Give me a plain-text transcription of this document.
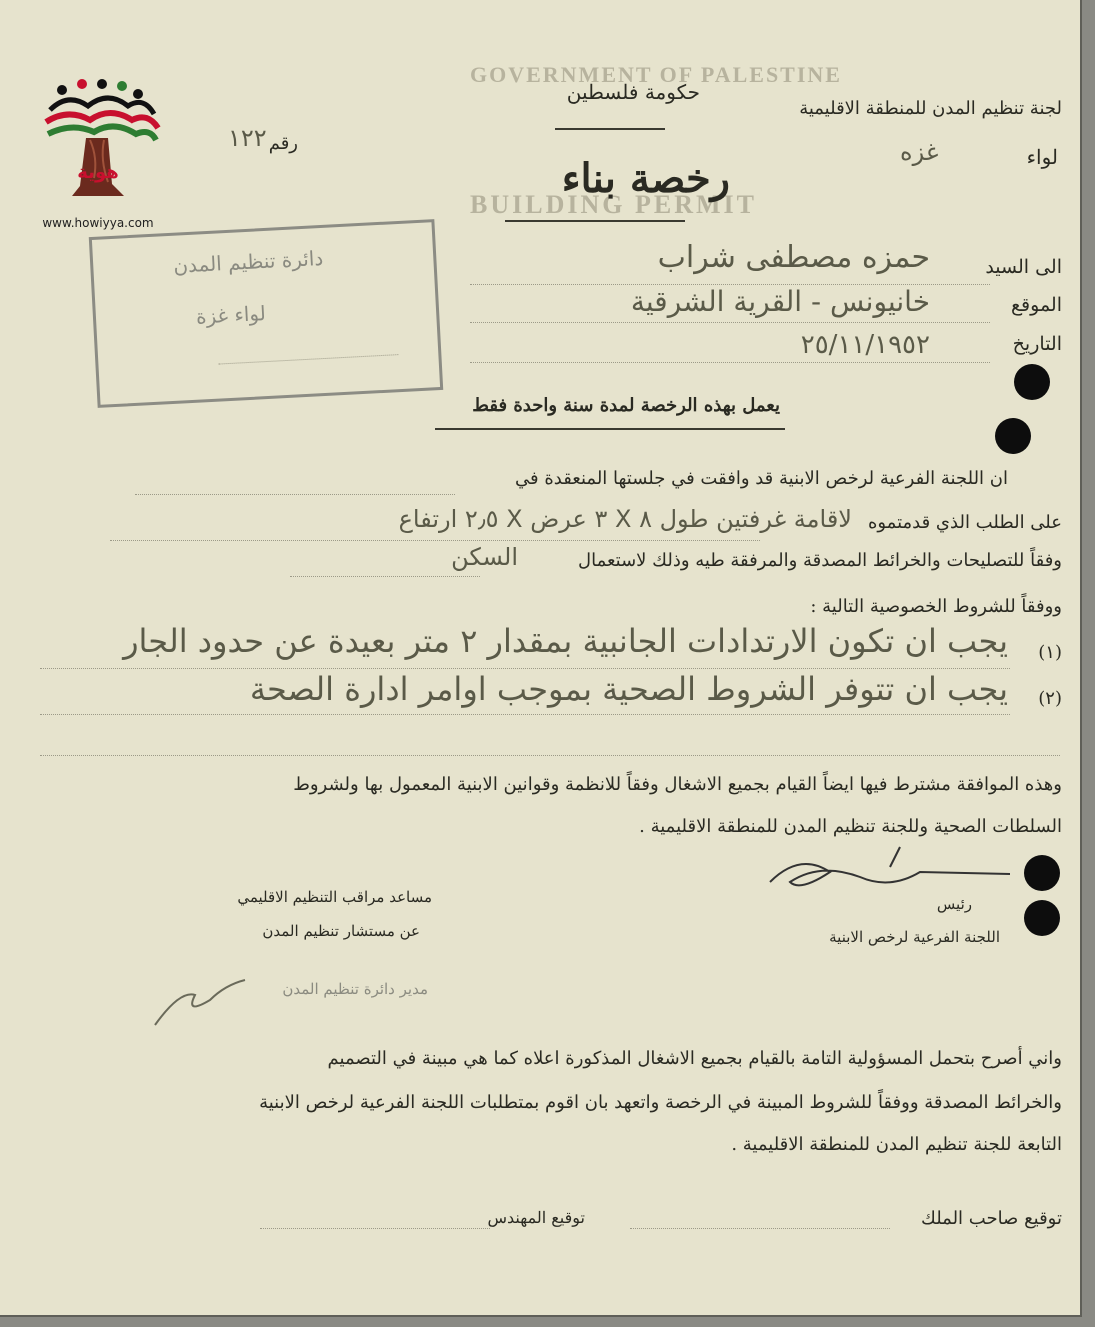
GOVERNMENT OF PALESTINE
BUILDING PERMIT
هوية
www.howiyya.com
حكومة فلسطين
لجنة تنظيم المدن للمنطقة الاقليمية
رقم
١٢٢
لواء
غزه
رخصة بناء
دائرة تنظيم المدن
لواء غزة
الى السيد
حمزه مصطفى شراب
الموقع
خانيونس - القرية الشرقية
التاريخ
٢٥/١١/١٩٥٢
يعمل بهذه الرخصة لمدة سنة واحدة فقط
ان اللجنة الفرعية لرخص الابنية قد وافقت في جلستها المنعقدة في
على الطلب الذي قدمتموه
لاقامة غرفتين طول ٨ X ٣ عرض X ٢٫٥ ارتفاع
وفقاً للتصليحات والخرائط المصدقة والمرفقة طيه وذلك لاستعمال
السكن
ووفقاً للشروط الخصوصية التالية :
(١)
يجب ان تكون الارتدادات الجانبية بمقدار ٢ متر بعيدة عن حدود الجار
(٢)
يجب ان تتوفر الشروط الصحية بموجب اوامر ادارة الصحة
وهذه الموافقة مشترط فيها ايضاً القيام بجميع الاشغال وفقاً للانظمة وقوانين الابنية المعمول بها ولشروط
السلطات الصحية وللجنة تنظيم المدن للمنطقة الاقليمية .
رئيس
اللجنة الفرعية لرخص الابنية
مساعد مراقب التنظيم الاقليمي
عن مستشار تنظيم المدن
مدير دائرة تنظيم المدن
واني أصرح بتحمل المسؤولية التامة بالقيام بجميع الاشغال المذكورة اعلاه كما هي مبينة في التصميم
والخرائط المصدقة ووفقاً للشروط المبينة في الرخصة واتعهد بان اقوم بمتطلبات اللجنة الفرعية لرخص الابنية
التابعة للجنة تنظيم المدن للمنطقة الاقليمية .
توقيع صاحب الملك
توقيع المهندس
